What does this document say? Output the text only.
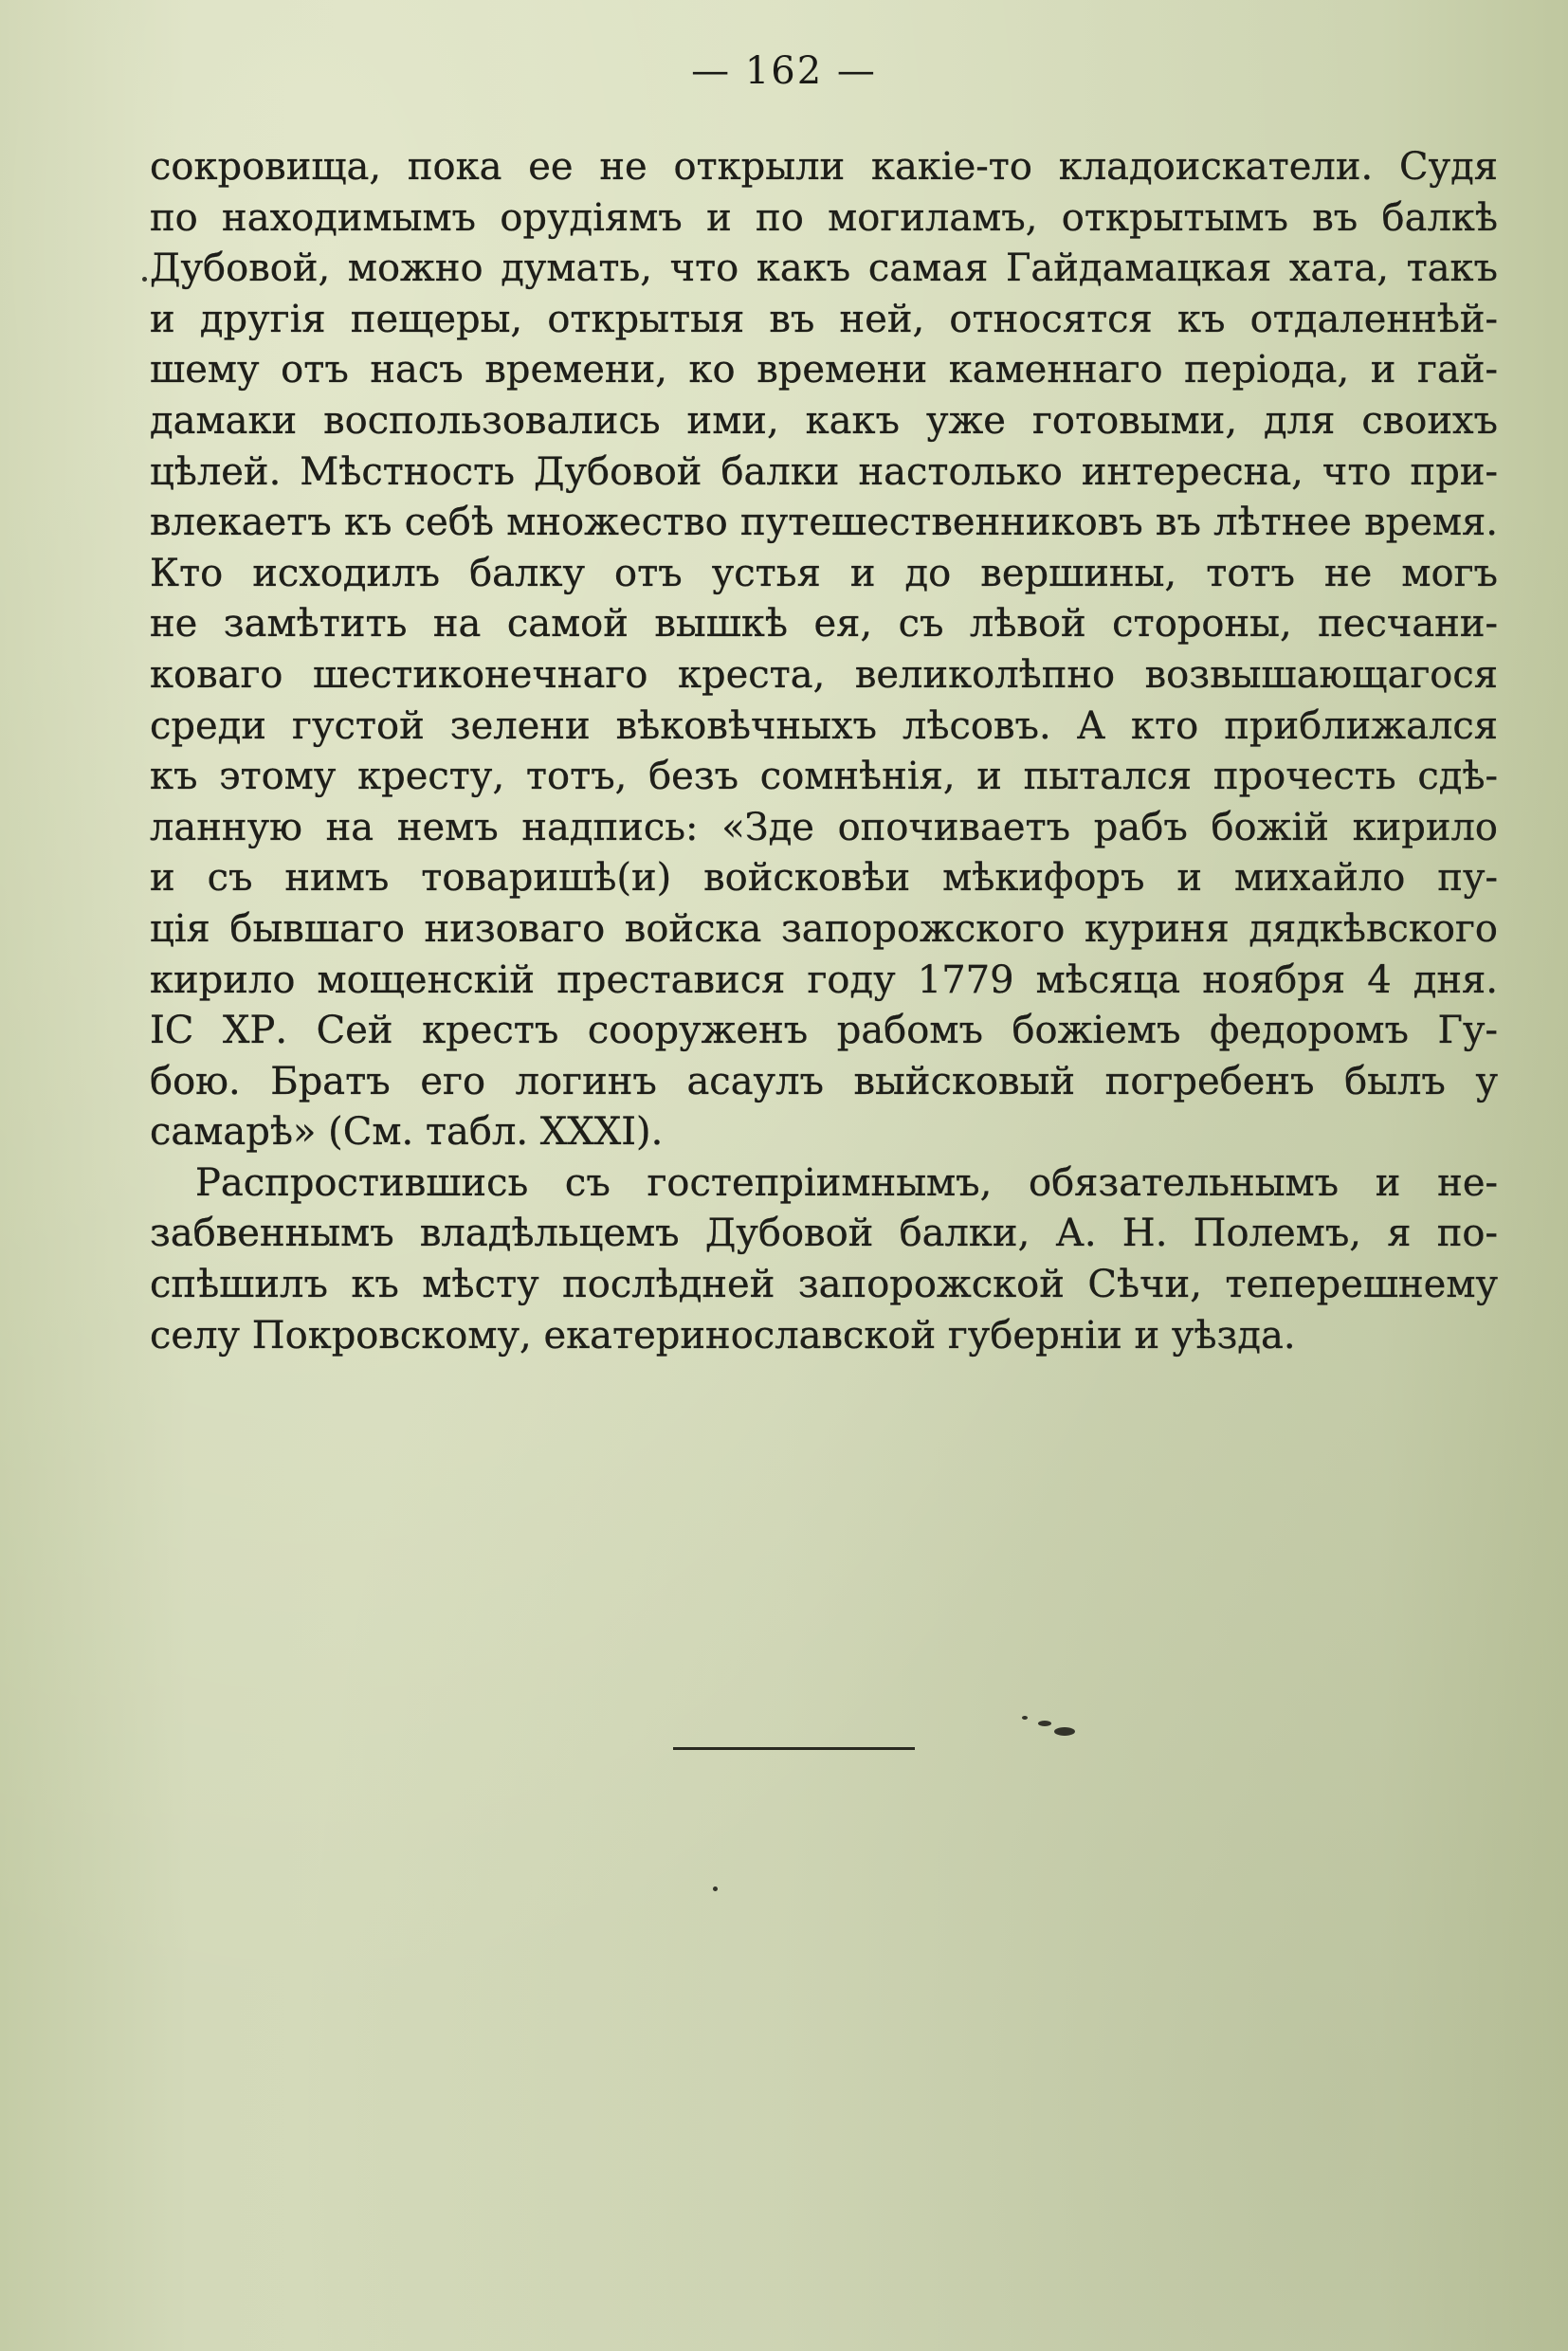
— 162 —
сокровища, пока ее не открыли какіе-то кладоискатели. Судя
по находимымъ орудіямъ и по могиламъ, открытымъ въ балкѣ
Дубовой, можно думать, что какъ самая Гайдамацкая хата, такъ
и другія пещеры, открытыя въ ней, относятся къ отдаленнѣй-
шему отъ насъ времени, ко времени каменнаго періода, и гай-
дамаки воспользовались ими, какъ уже готовыми, для своихъ
цѣлей. Мѣстность Дубовой балки настолько интересна, что при-
влекаетъ къ себѣ множество путешественниковъ въ лѣтнее время.
Кто исходилъ балку отъ устья и до вершины, тотъ не могъ
не замѣтить на самой вышкѣ ея, съ лѣвой стороны, песчани-
коваго шестиконечнаго креста, великолѣпно возвышающагося
среди густой зелени вѣковѣчныхъ лѣсовъ. А кто приближался
къ этому кресту, тотъ, безъ сомнѣнія, и пытался прочесть сдѣ-
ланную на немъ надпись: «Зде опочиваетъ рабъ божій кирило
и съ нимъ товаришѣ(и) войсковѣи мѣкифоръ и михайло пу-
ція бывшаго низоваго войска запорожского куриня дядкѣвского
кирило мощенскій преставися году 1779 мѣсяца ноября 4 дня.
IС ХР. Сей крестъ сооруженъ рабомъ божіемъ федоромъ Гу-
бою. Братъ его логинъ асаулъ выйсковый погребенъ былъ у
самарѣ» (См. табл. XXXI).
Распростившись съ гостепріимнымъ, обязательнымъ и не-
забвеннымъ владѣльцемъ Дубовой балки, А. Н. Полемъ, я по-
спѣшилъ къ мѣсту послѣдней запорожской Сѣчи, теперешнему
селу Покровскому, екатеринославской губерніи и уѣзда.
